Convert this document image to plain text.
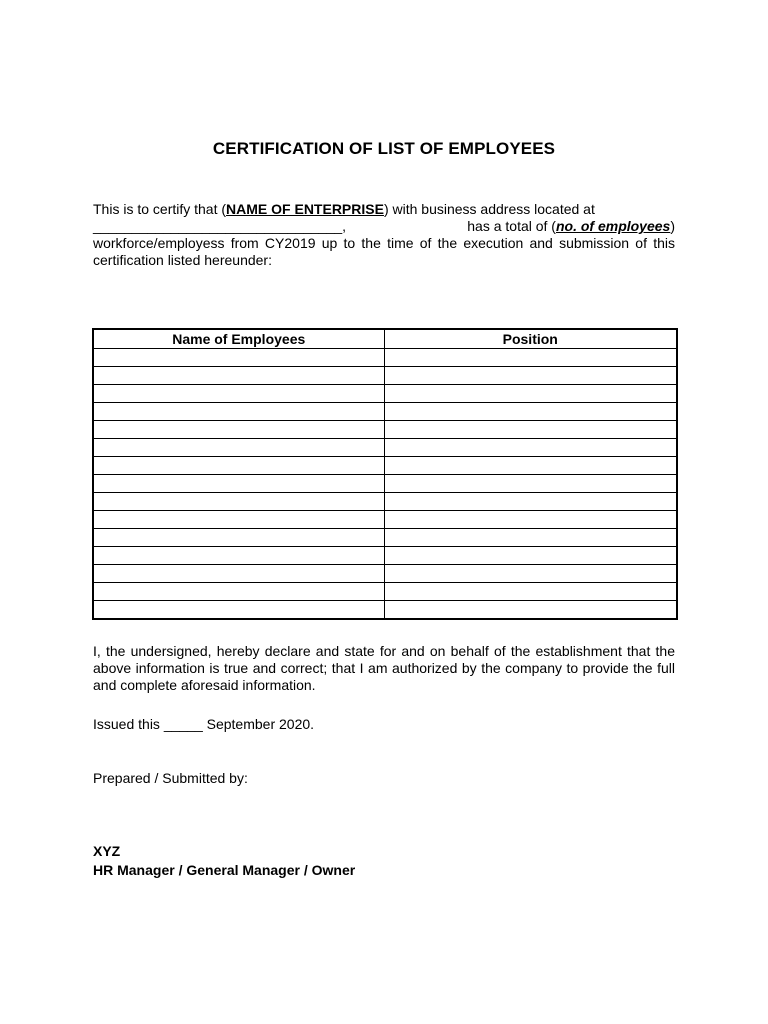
CERTIFICATION OF LIST OF EMPLOYEES
This is to certify that (NAME OF ENTERPRISE) with business address located at
________________________________,	has a total of (no. of employees)
workforce/employess from CY2019 up to the time of the execution and submission of this certification listed hereunder:
Name of Employees	Position

I, the undersigned, hereby declare and state for and on behalf of the establishment that the above information is true and correct; that I am authorized by the company to provide the full and complete aforesaid information.
Issued this _____ September 2020.
Prepared / Submitted by:
XYZ
HR Manager / General Manager / Owner
